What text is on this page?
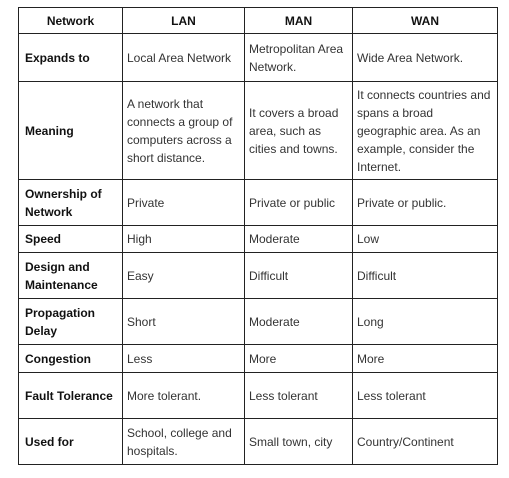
Network	LAN	MAN	WAN
Expands to	Local Area Network	Metropolitan Area Network.	Wide Area Network.
Meaning	A network that connects a group of computers across a short distance.	It covers a broad area, such as cities and towns.	It connects countries and spans a broad geographic area. As an example, consider the Internet.
Ownership of Network	Private	Private or public	Private or public.
Speed	High	Moderate	Low
Design and Maintenance	Easy	Difficult	Difficult
Propagation Delay	Short	Moderate	Long
Congestion	Less	More	More
Fault Tolerance	More tolerant.	Less tolerant	Less tolerant
Used for	School, college and hospitals.	Small town, city	Country/Continent
